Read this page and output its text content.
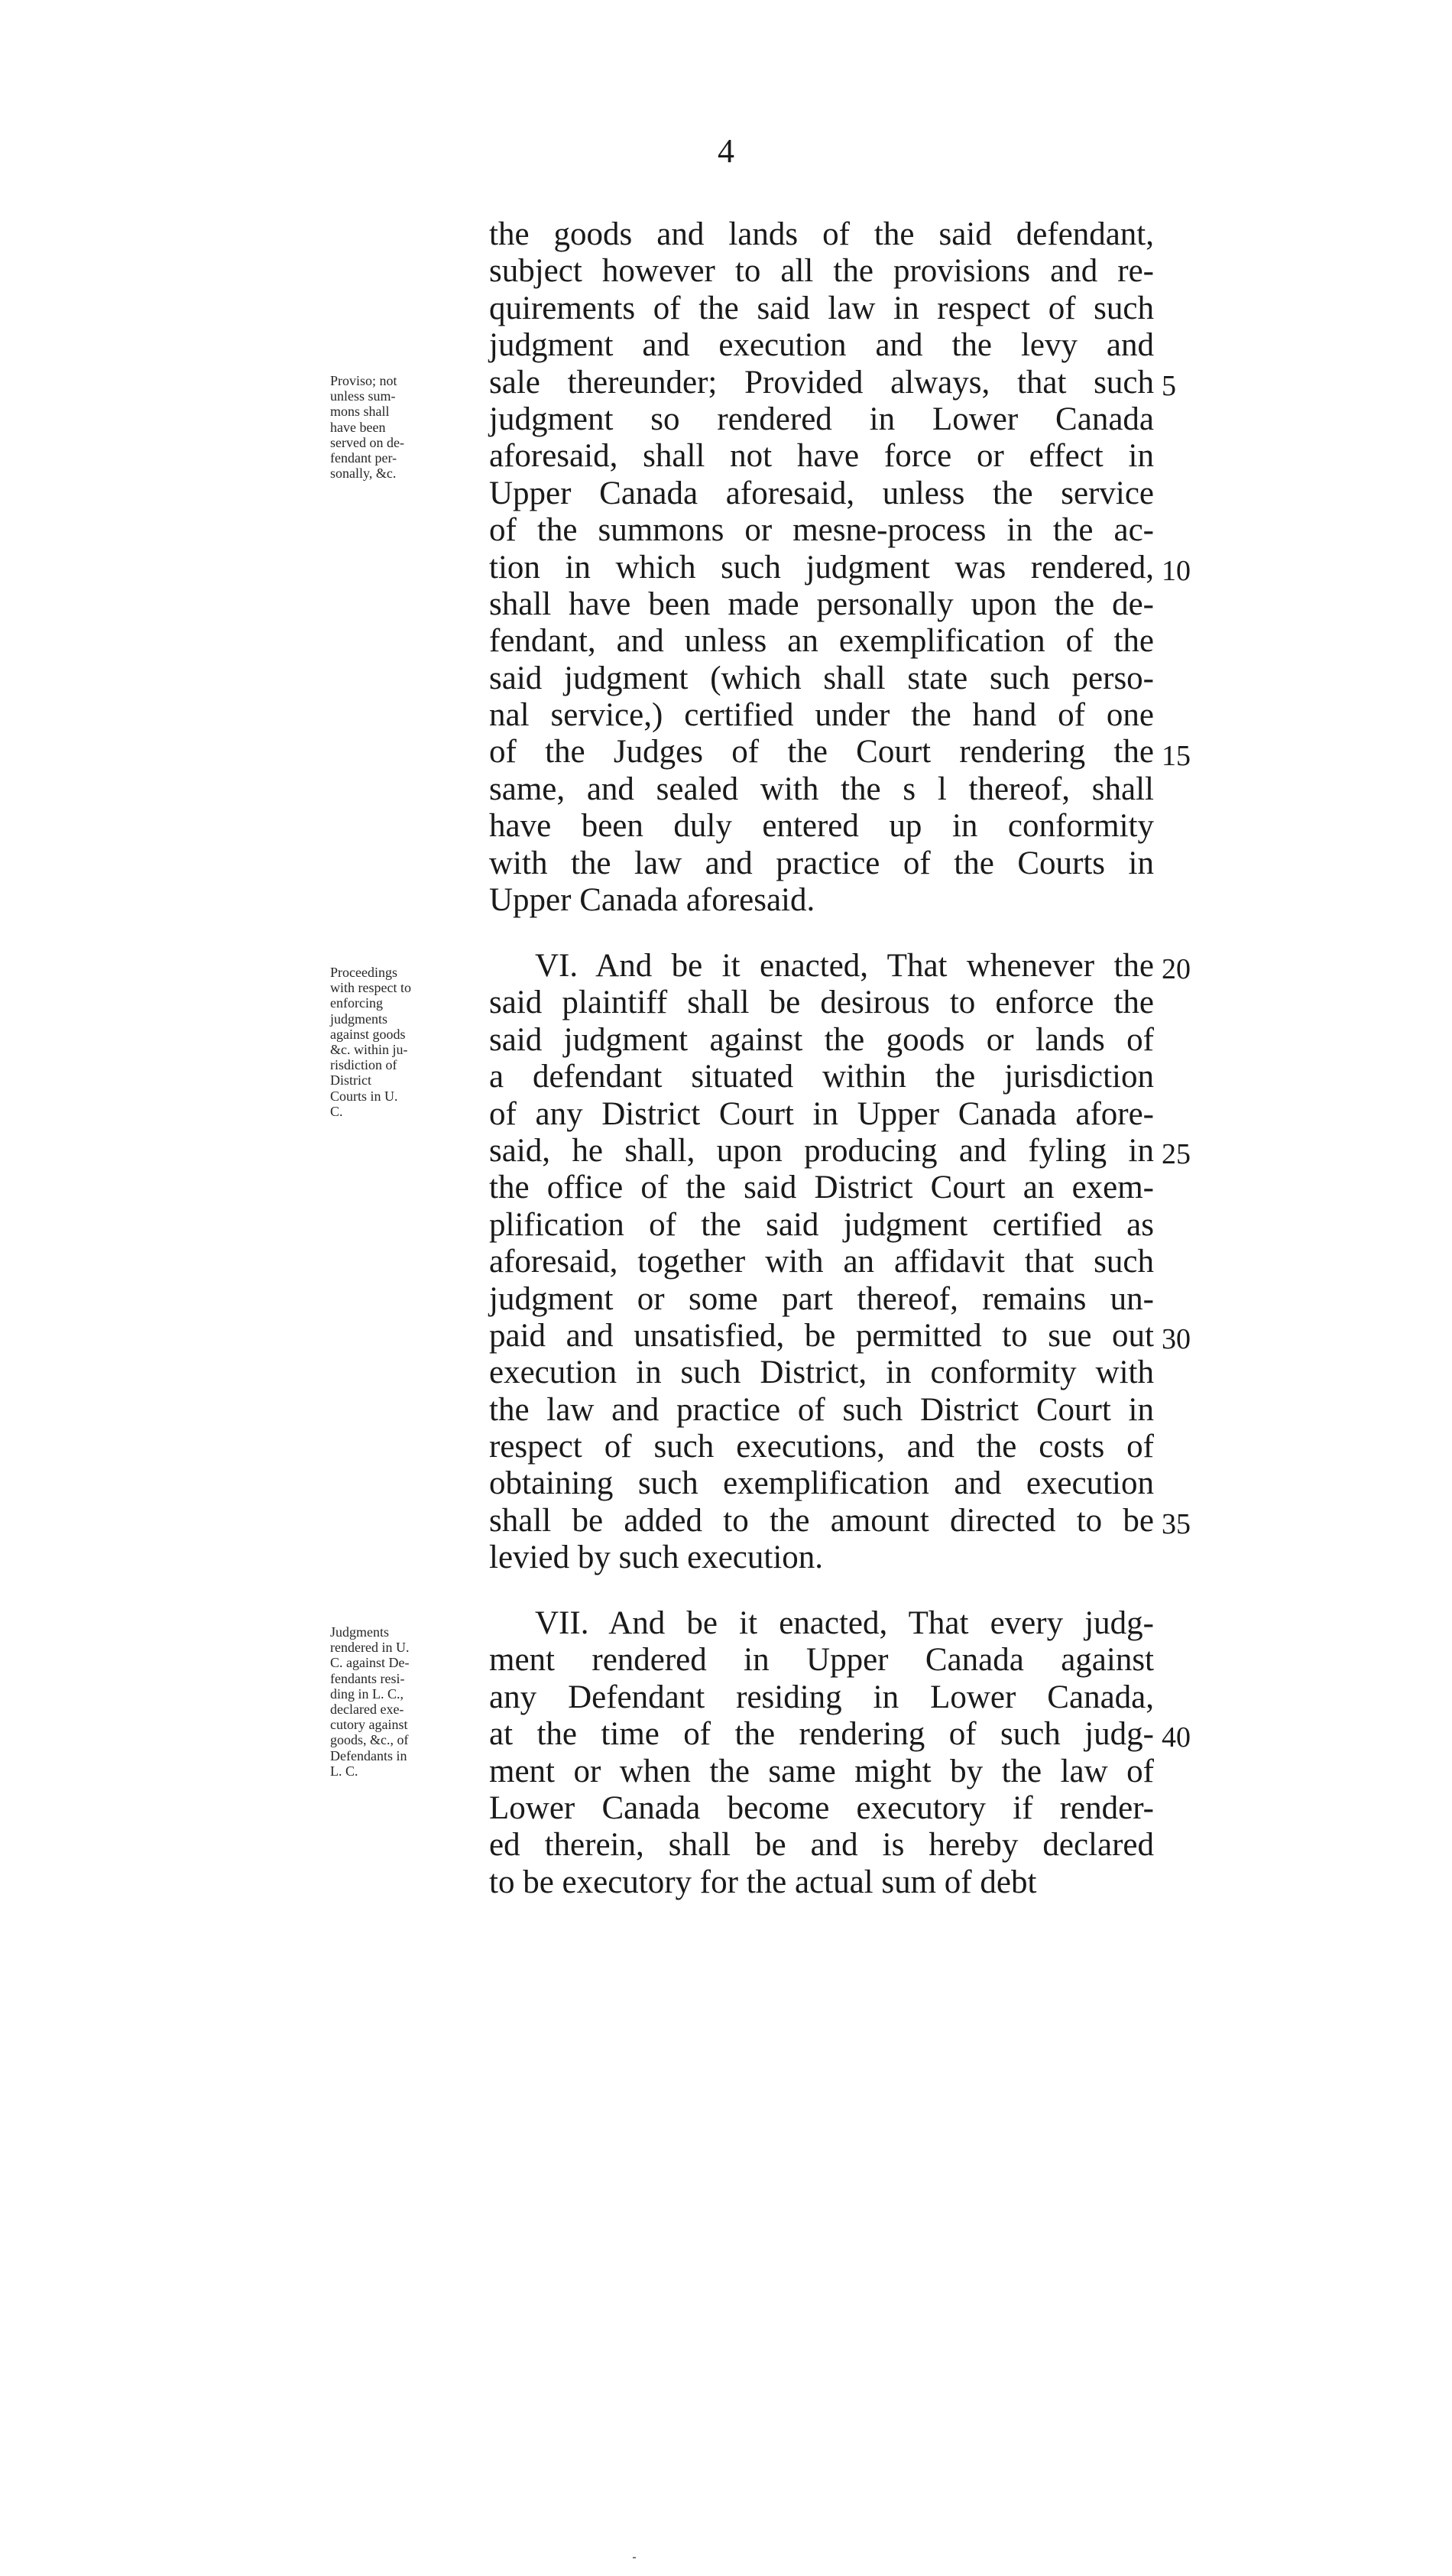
4
the goods and lands of the said defendant,
subject however to all the provisions and re-
quirements of the said law in respect of such
judgment and execution and the levy and
sale thereunder; Provided always, that such
judgment so rendered in Lower Canada
aforesaid, shall not have force or effect in
Upper Canada aforesaid, unless the service
of the summons or mesne-process in the ac-
tion in which such judgment was rendered,
shall have been made personally upon the de-
fendant, and unless an exemplification of the
said judgment (which shall state such perso-
nal service,) certified under the hand of one
of the Judges of the Court rendering the
same, and sealed with the s l thereof, shall
have been duly entered up in conformity
with the law and practice of the Courts in
Upper Canada aforesaid.
Proviso; not
unless sum-
mons shall
have been
served on de-
fendant per-
sonally, &c.
5
10
15
VI. And be it enacted, That whenever the
said plaintiff shall be desirous to enforce the
said judgment against the goods or lands of
a defendant situated within the jurisdiction
of any District Court in Upper Canada afore-
said, he shall, upon producing and fyling in
the office of the said District Court an exem-
plification of the said judgment certified as
aforesaid, together with an affidavit that such
judgment or some part thereof, remains un-
paid and unsatisfied, be permitted to sue out
execution in such District, in conformity with
the law and practice of such District Court in
respect of such executions, and the costs of
obtaining such exemplification and execution
shall be added to the amount directed to be
levied by such execution.
Proceedings
with respect to
enforcing
judgments
against goods
&c. within ju-
risdiction of
District
Courts in U.
C.
20
25
30
35
VII. And be it enacted, That every judg-
ment rendered in Upper Canada against
any Defendant residing in Lower Canada,
at the time of the rendering of such judg-
ment or when the same might by the law of
Lower Canada become executory if render-
ed therein, shall be and is hereby declared
to be executory for the actual sum of debt
Judgments
rendered in U.
C. against De-
fendants resi-
ding in L. C.,
declared exe-
cutory against
goods, &c., of
Defendants in
L. C.
40
